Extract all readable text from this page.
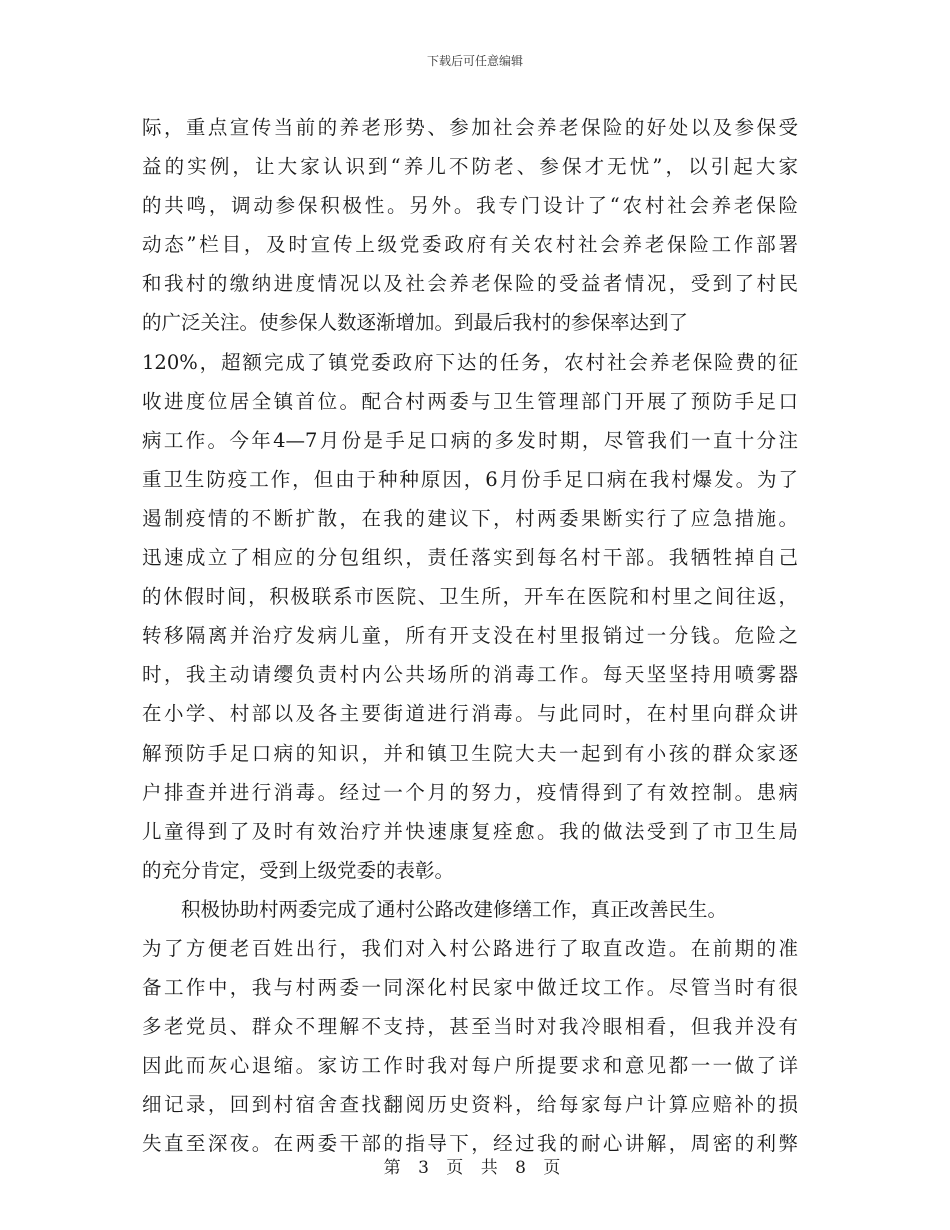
下载后可任意编辑
际，重点宣传当前的养老形势、参加社会养老保险的好处以及参保受
益的实例，让大家认识到“养儿不防老、参保才无忧”，以引起大家
的共鸣，调动参保积极性。另外。我专门设计了“农村社会养老保险
动态”栏目，及时宣传上级党委政府有关农村社会养老保险工作部署
和我村的缴纳进度情况以及社会养老保险的受益者情况，受到了村民
的广泛关注。使参保人数逐渐增加。到最后我村的参保率达到了
120%，超额完成了镇党委政府下达的任务，农村社会养老保险费的征
收进度位居全镇首位。配合村两委与卫生管理部门开展了预防手足口
病工作。今年4—7月份是手足口病的多发时期，尽管我们一直十分注
重卫生防疫工作，但由于种种原因，6月份手足口病在我村爆发。为了
遏制疫情的不断扩散，在我的建议下，村两委果断实行了应急措施。
迅速成立了相应的分包组织，责任落实到每名村干部。我牺牲掉自己
的休假时间，积极联系市医院、卫生所，开车在医院和村里之间往返，
转移隔离并治疗发病儿童，所有开支没在村里报销过一分钱。危险之
时，我主动请缨负责村内公共场所的消毒工作。每天坚坚持用喷雾器
在小学、村部以及各主要街道进行消毒。与此同时，在村里向群众讲
解预防手足口病的知识，并和镇卫生院大夫一起到有小孩的群众家逐
户排查并进行消毒。经过一个月的努力，疫情得到了有效控制。患病
儿童得到了及时有效治疗并快速康复痊愈。我的做法受到了市卫生局
的充分肯定，受到上级党委的表彰。
积极协助村两委完成了通村公路改建修缮工作，真正改善民生。
为了方便老百姓出行，我们对入村公路进行了取直改造。在前期的准
备工作中，我与村两委一同深化村民家中做迁坟工作。尽管当时有很
多老党员、群众不理解不支持，甚至当时对我冷眼相看，但我并没有
因此而灰心退缩。家访工作时我对每户所提要求和意见都一一做了详
细记录，回到村宿舍查找翻阅历史资料，给每家每户计算应赔补的损
失直至深夜。在两委干部的指导下，经过我的耐心讲解，周密的利弊
第 3 页 共 8 页
